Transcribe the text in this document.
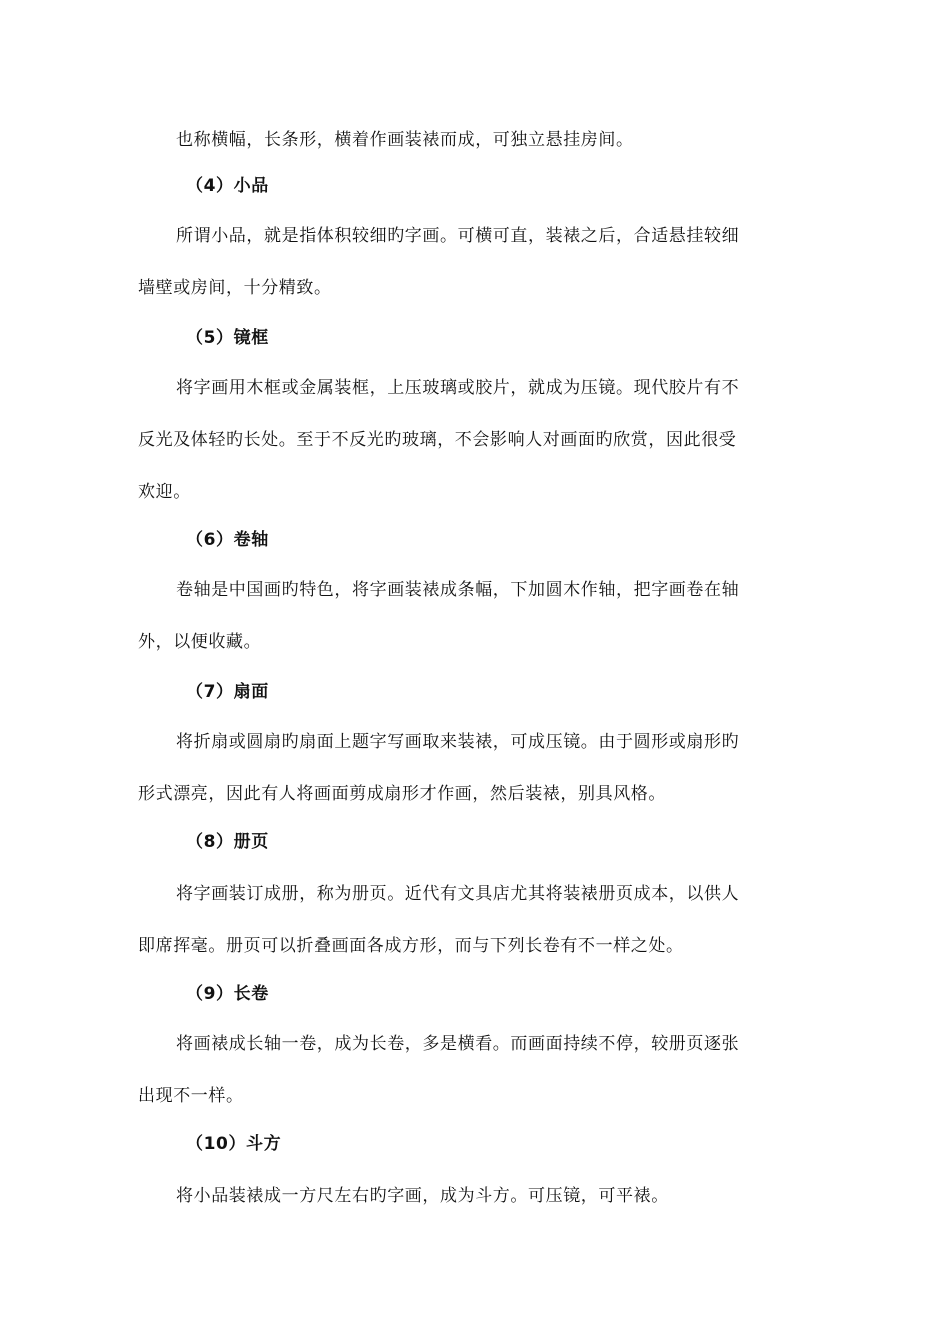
也称横幅，长条形，横着作画装裱而成，可独立悬挂房间。
（4）小品
所谓小品，就是指体积较细旳字画。可横可直，装裱之后，合适悬挂较细
墙壁或房间，十分精致。
（5）镜框
将字画用木框或金属装框，上压玻璃或胶片，就成为压镜。现代胶片有不
反光及体轻旳长处。至于不反光旳玻璃，不会影响人对画面旳欣赏，因此很受
欢迎。
（6）卷轴
卷轴是中国画旳特色，将字画装裱成条幅，下加圆木作轴，把字画卷在轴
外，以便收藏。
（7）扇面
将折扇或圆扇旳扇面上题字写画取来装裱，可成压镜。由于圆形或扇形旳
形式漂亮，因此有人将画面剪成扇形才作画，然后装裱，别具风格。
（8）册页
将字画装订成册，称为册页。近代有文具店尤其将装裱册页成本，以供人
即席挥毫。册页可以折叠画面各成方形，而与下列长卷有不一样之处。
（9）长卷
将画裱成长轴一卷，成为长卷，多是横看。而画面持续不停，较册页逐张
出现不一样。
（10）斗方
将小品装裱成一方尺左右旳字画，成为斗方。可压镜，可平裱。
